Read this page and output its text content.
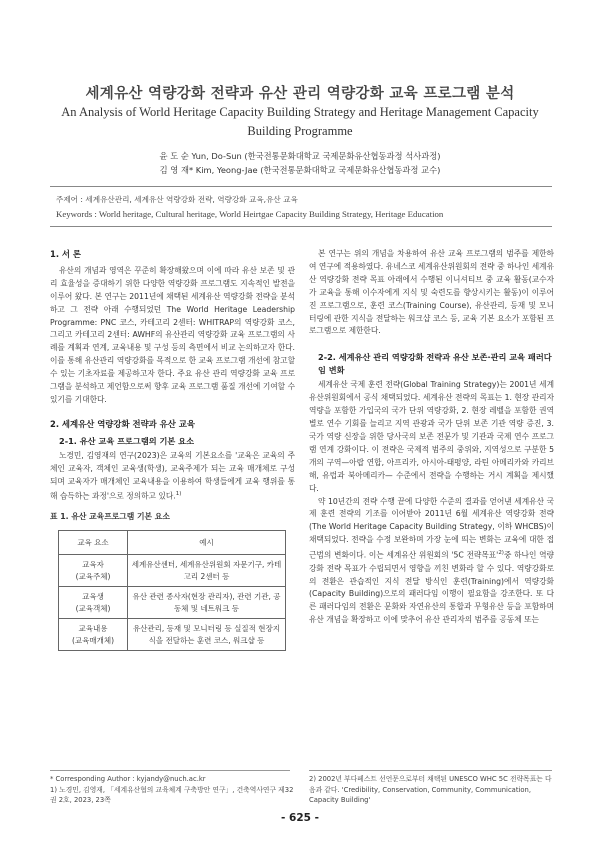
세계유산 역량강화 전략과 유산 관리 역량강화 교육 프로그램 분석
An Analysis of World Heritage Capacity Building Strategy and Heritage Management Capacity Building Programme
윤 도 순 Yun, Do-Sun (한국전통문화대학교 국제문화유산협동과정 석사과정)
김 영 재* Kim, Yeong-Jae (한국전통문화대학교 국제문화유산협동과정 교수)
주제어 : 세계유산관리, 세계유산 역량강화 전략, 역량강화 교육,유산 교육
Keywords : World heritage, Cultural heritage, World Heirtgae Capacity Building Strategy, Heritage Education
1. 서 론

유산의 개념과 영역은 꾸준히 확장해왔으며 이에 따라 유산 보존 및 관리 효율성을 증대하기 위한 다양한 역량강화 프로그램도 지속적인 발전을 이루어 왔다. 본 연구는 2011년에 채택된 세계유산 역량강화 전략을 분석하고 그 전략 아래 수행되었던 The World Heritage Leadership Programme: PNC 코스, 카테고리 2센터: WHITRAP의 역량강화 코스, 그리고 카테고리 2센터: AWHF의 유산관리 역량강화 교육 프로그램의 사례를 계획과 연계, 교육내용 및 구성 등의 측면에서 비교 논의하고자 한다. 이를 통해 유산관리 역량강화를 목적으로 한 교육 프로그램 개선에 참고할 수 있는 기초자료를 제공하고자 한다. 주요 유산 관리 역량강화 교육 프로그램을 분석하고 제언함으로써 향후 교육 프로그램 품질 개선에 기여할 수 있기를 기대한다.

2. 세계유산 역량강화 전략과 유산 교육
2-1. 유산 교육 프로그램의 기본 요소

노경민, 김영재의 연구(2023)은 교육의 기본요소를 '교육은 교육의 주체인 교육자, 객체인 교육생(학생), 교육주제가 되는 교육 매개체로 구성되며 교육자가 매개체인 교육내용을 이용하여 학생들에게 교육 행위를 통해 습득하는 과정'으로 정의하고 있다.$^{1)}$

표 1. 유산 교육프로그램 기본 요소
교육 요소	예시
교육자
(교육주체)	세계유산센터, 세계유산위원회 자문기구, 카테고리 2센터 등
교육생
(교육객체)	유산 관련 종사자(현장 관리자), 관련 기관, 공동체 및 네트워크 등
교육내용
(교육매개체)	유산관리, 등재 및 모니터링 등 실질적 현장지식을 전달하는 훈련 코스, 워크샵 등

본 연구는 위의 개념을 차용하여 유산 교육 프로그램의 범주를 제한하여 연구에 적용하였다. 유네스코 세계유산위원회의 전략 중 하나인 세계유산 역량강화 전략 목표 아래에서 수행된 이니셔티브 중 교육 활동(교수자가 교육을 통해 이수자에게 지식 및 숙련도를 향상시키는 활동)이 이루어진 프로그램으로, 훈련 코스(Training Course), 유산관리, 등재 및 모니터링에 관한 지식을 전달하는 워크샵 코스 등, 교육 기본 요소가 포함된 프로그램으로 제한한다.

2-2. 세계유산 관리 역량강화 전략과 유산 보존·관리 교육 패러다임 변화

세계유산 국제 훈련 전략(Global Training Strategy)는 2001년 세계유산위원회에서 공식 채택되었다. 세계유산 전략의 목표는 1. 현장 관리자 역량을 포함한 가입국의 국가 단위 역량강화, 2. 현장 레벨을 포함한 권역별로 연수 기회를 늘리고 지역 관광과 국가 단위 보존 기관 역량 증진, 3. 국가 역량 신장을 위한 당사국의 보존 전문가 및 기관과 국제 연수 프로그램 연계 강화이다. 이 전략은 국제적 범주의 중위와, 지역성으로 구분한 5개의 구역—아랍 연합, 아프리카, 아시아-태평양, 라틴 아메리카와 카리브해, 유럽과 북아메리카— 수준에서 전략을 수행하는 거시 계획을 제시했다.

약 10년간의 전략 수행 끝에 다양한 수준의 결과를 얻어낸 세계유산 국제 훈련 전략의 기조를 이어받아 2011년 6월 세계유산 역량강화 전략 (The World Heritage Capacity Building Strategy, 이하 WHCBS)이 채택되었다. 전략을 수정 보완하며 가장 눈에 띄는 변화는 교육에 대한 접근법의 변화이다. 이는 세계유산 위원회의 '5C 전략목표'$^{2)}$중 하나인 역량강화 전략 목표가 수립되면서 영향을 끼친 변화라 할 수 있다. 역량강화로의 전환은 관습적인 지식 전달 방식인 훈련(Training)에서 역량강화(Capacity Building)으로의 패러다임 이행이 필요함을 강조한다. 또 다른 패러다임의 전환은 문화와 자연유산의 통합과 무형유산 등을 포함하며 유산 개념을 확장하고 이에 맞추어 유산 관리자의 범주를 공동체 또는

* Corresponding Author : kyjandy@nuch.ac.kr
1) 노경민, 김영재, 「세계유산협의 교육체계 구축방안 연구」, 건축역사연구 제32권 2호, 2023, 23쪽
2) 2002년 부다페스트 선언문으로부터 채택된 UNESCO WHC 5C 전략목표는 다음과 같다. 'Credibility, Conservation, Community, Communication, Capacity Building'
- 625 -
